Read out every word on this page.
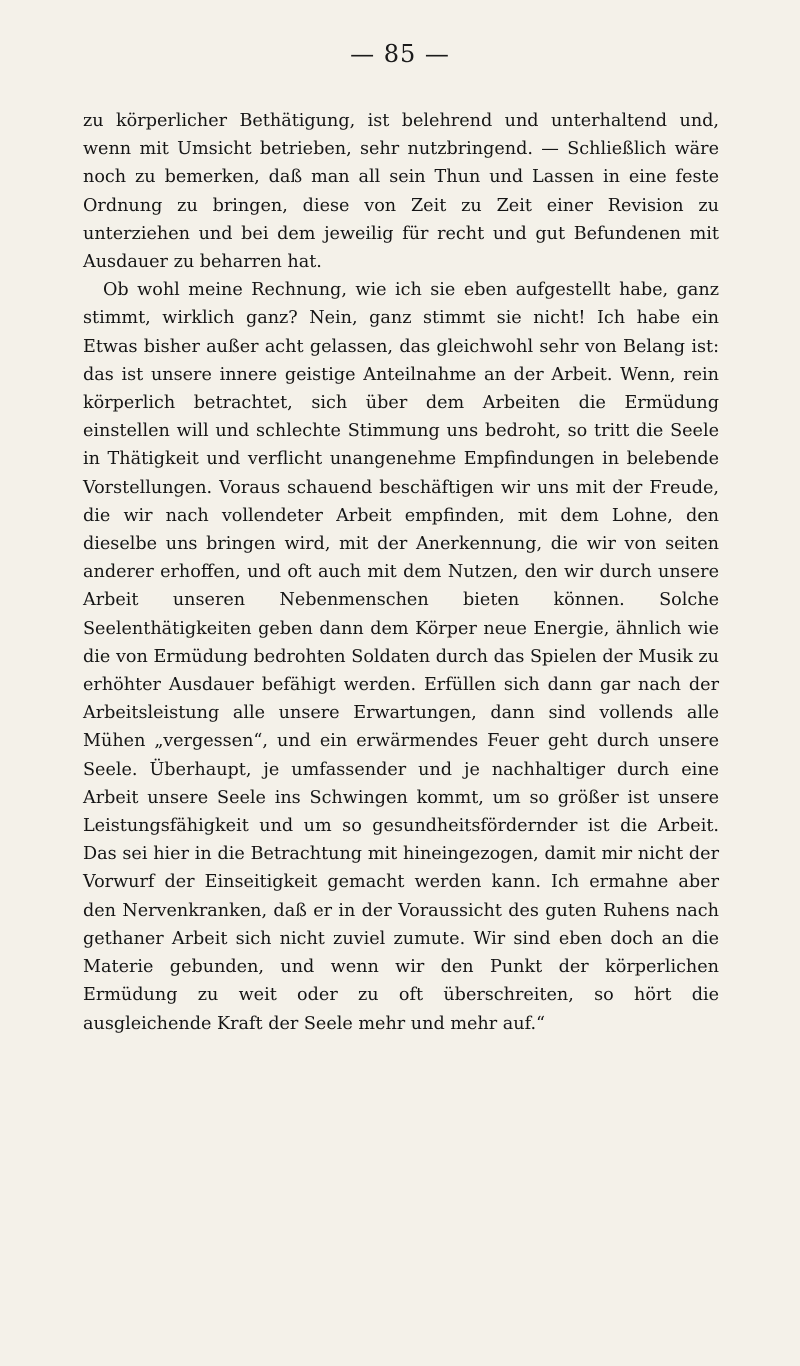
— 85 —

zu körperlicher Bethätigung, ist belehrend und unterhaltend und, wenn mit Umsicht betrieben, sehr nutzbringend. — Schließlich wäre noch zu bemerken, daß man all sein Thun und Lassen in eine feste Ordnung zu bringen, diese von Zeit zu Zeit einer Revision zu unterziehen und bei dem jeweilig für recht und gut Befundenen mit Ausdauer zu beharren hat.

Ob wohl meine Rechnung, wie ich sie eben aufgestellt habe, ganz stimmt, wirklich ganz? Nein, ganz stimmt sie nicht! Ich habe ein Etwas bisher außer acht gelassen, das gleichwohl sehr von Belang ist: das ist unsere innere geistige Anteilnahme an der Arbeit. Wenn, rein körperlich betrachtet, sich über dem Arbeiten die Ermüdung einstellen will und schlechte Stimmung uns bedroht, so tritt die Seele in Thätigkeit und verflicht unangenehme Empfindungen in belebende Vorstellungen. Voraus schauend beschäftigen wir uns mit der Freude, die wir nach vollendeter Arbeit empfinden, mit dem Lohne, den dieselbe uns bringen wird, mit der Anerkennung, die wir von seiten anderer erhoffen, und oft auch mit dem Nutzen, den wir durch unsere Arbeit unseren Nebenmenschen bieten können. Solche Seelenthätigkeiten geben dann dem Körper neue Energie, ähnlich wie die von Ermüdung bedrohten Soldaten durch das Spielen der Musik zu erhöhter Ausdauer befähigt werden. Erfüllen sich dann gar nach der Arbeitsleistung alle unsere Erwartungen, dann sind vollends alle Mühen „vergessen“, und ein erwärmendes Feuer geht durch unsere Seele. Überhaupt, je umfassender und je nachhaltiger durch eine Arbeit unsere Seele ins Schwingen kommt, um so größer ist unsere Leistungsfähigkeit und um so gesundheitsfördernder ist die Arbeit. Das sei hier in die Betrachtung mit hineingezogen, damit mir nicht der Vorwurf der Einseitigkeit gemacht werden kann. Ich ermahne aber den Nervenkranken, daß er in der Voraussicht des guten Ruhens nach gethaner Arbeit sich nicht zuviel zumute. Wir sind eben doch an die Materie gebunden, und wenn wir den Punkt der körperlichen Ermüdung zu weit oder zu oft überschreiten, so hört die ausgleichende Kraft der Seele mehr und mehr auf.“
